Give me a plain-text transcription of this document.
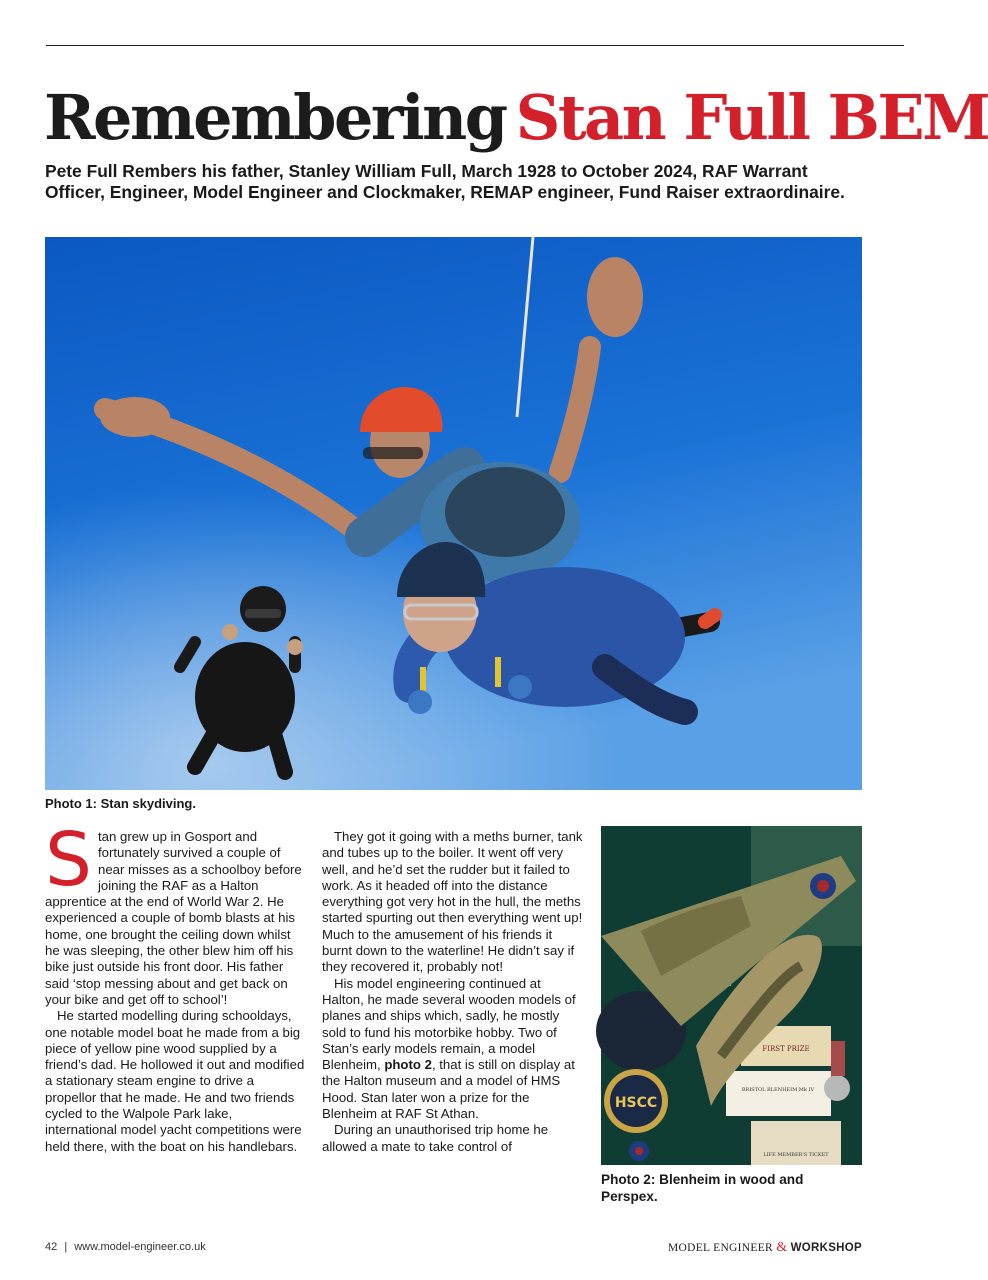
Remembering Stan Full BEM

Pete Full Rembers his father, Stanley William Full, March 1928 to October 2024, RAF Warrant Officer, Engineer, Model Engineer and Clockmaker, REMAP engineer, Fund Raiser extraordinaire.

Photo 1: Stan skydiving.

Stan grew up in Gosport and fortunately survived a couple of near misses as a schoolboy before joining the RAF as a Halton apprentice at the end of World War 2. He experienced a couple of bomb blasts at his home, one brought the ceiling down whilst he was sleeping, the other blew him off his bike just outside his front door. His father said ‘stop messing about and get back on your bike and get off to school’!

He started modelling during schooldays, one notable model boat he made from a big piece of yellow pine wood supplied by a friend’s dad. He hollowed it out and modified a stationary steam engine to drive a propellor that he made. He and two friends cycled to the Walpole Park lake, international model yacht competitions were held there, with the boat on his handlebars.

They got it going with a meths burner, tank and tubes up to the boiler. It went off very well, and he’d set the rudder but it failed to work. As it headed off into the distance everything got very hot in the hull, the meths started spurting out then everything went up! Much to the amusement of his friends it burnt down to the waterline! He didn’t say if they recovered it, probably not!

His model engineering continued at Halton, he made several wooden models of planes and ships which, sadly, he mostly sold to fund his motorbike hobby. Two of Stan’s early models remain, a model Blenheim, photo 2, that is still on display at the Halton museum and a model of HMS Hood. Stan later won a prize for the Blenheim at RAF St Athan.

During an unauthorised trip home he allowed a mate to take control of

HSCC
FIRST PRIZE
BRISTOL BLENHEIM Mk IV
LIFE MEMBER'S TICKET

Photo 2: Blenheim in wood and Perspex.

42 | www.model-engineer.co.uk	MODEL ENGINEER & WORKSHOP
